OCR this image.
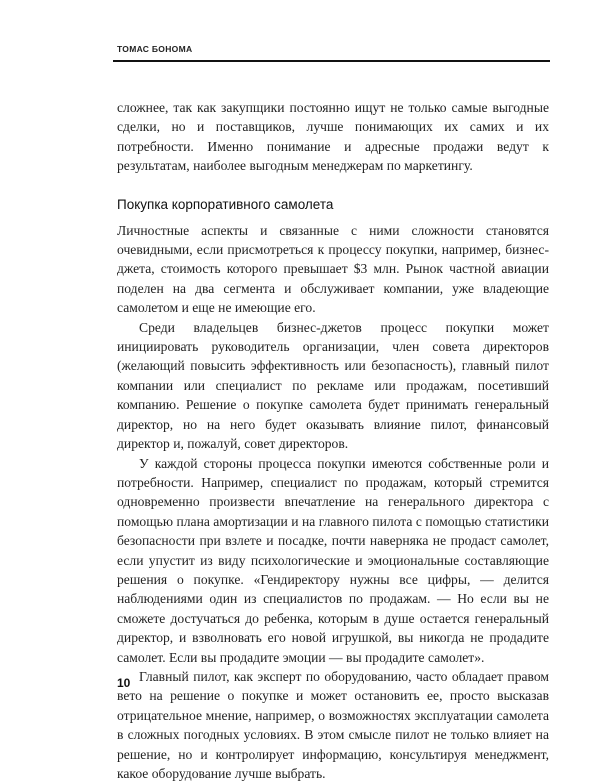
ТОМАС БОНОМА

сложнее, так как закупщики постоянно ищут не только самые выгодные сделки, но и поставщиков, лучше понимающих их самих и их потребности. Именно понимание и адресные продажи ведут к результатам, наиболее выгодным менеджерам по маркетингу.

Покупка корпоративного самолета

Личностные аспекты и связанные с ними сложности становятся очевидными, если присмотреться к процессу покупки, например, бизнес-джета, стоимость которого превышает $3 млн. Рынок частной авиации поделен на два сегмента и обслуживает компании, уже владеющие самолетом и еще не имеющие его.

Среди владельцев бизнес-джетов процесс покупки может инициировать руководитель организации, член совета директоров (желающий повысить эффективность или безопасность), главный пилот компании или специалист по рекламе или продажам, посетивший компанию. Решение о покупке самолета будет принимать генеральный директор, но на него будет оказывать влияние пилот, финансовый директор и, пожалуй, совет директоров.

У каждой стороны процесса покупки имеются собственные роли и потребности. Например, специалист по продажам, который стремится одновременно произвести впечатление на генерального директора с помощью плана амортизации и на главного пилота с помощью статистики безопасности при взлете и посадке, почти наверняка не продаст самолет, если упустит из виду психологические и эмоциональные составляющие решения о покупке. «Гендиректору нужны все цифры, — делится наблюдениями один из специалистов по продажам. — Но если вы не сможете достучаться до ребенка, которым в душе остается генеральный директор, и взволновать его новой игрушкой, вы никогда не продадите самолет. Если вы продадите эмоции — вы продадите самолет».

Главный пилот, как эксперт по оборудованию, часто обладает правом вето на решение о покупке и может остановить ее, просто высказав отрицательное мнение, например, о возможностях эксплуатации самолета в сложных погодных условиях. В этом смысле пилот не только влияет на решение, но и контролирует информацию, консультируя менеджмент, какое оборудование лучше выбрать.

10
